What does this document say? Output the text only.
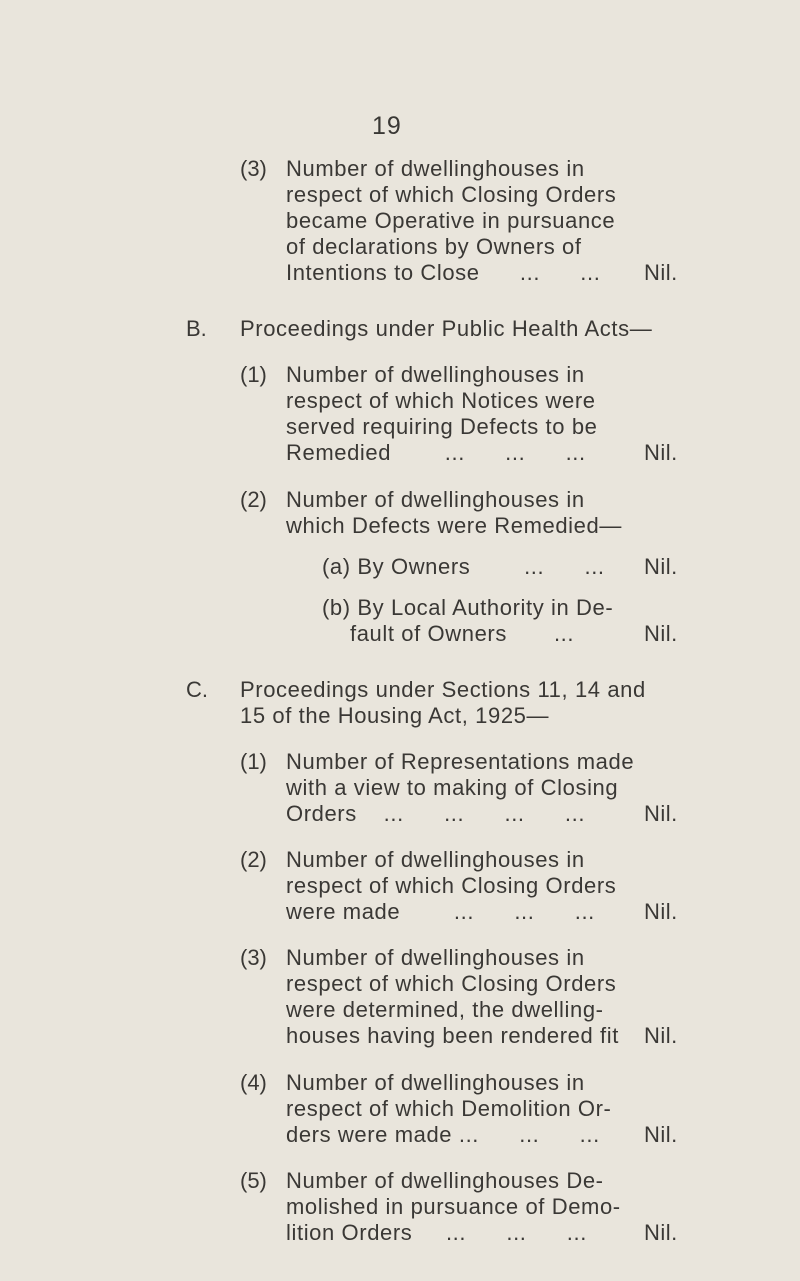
19
(3) Number of dwellinghouses in
respect of which Closing Orders
became Operative in pursuance
of declarations by Owners of
Intentions to Close      ...      ... Nil.
B. Proceedings under Public Health Acts—
(1) Number of dwellinghouses in
respect of which Notices were
served requiring Defects to be
Remedied        ...      ...      ...	Nil.
(2) Number of dwellinghouses in
which Defects were Remedied—
(a) By Owners        ...      ... Nil.
(b) By Local Authority in De-
fault of Owners       ...	Nil.
C. Proceedings under Sections 11, 14 and
15 of the Housing Act, 1925—
(1) Number of Representations made
with a view to making of Closing
Orders    ...      ...      ...      ...	Nil.
(2) Number of dwellinghouses in
respect of which Closing Orders
were made        ...      ...      ... Nil.
(3) Number of dwellinghouses in
respect of which Closing Orders
were determined, the dwelling-
houses having been rendered fit Nil.
(4) Number of dwellinghouses in
respect of which Demolition Or-
ders were made ...      ...      ... Nil.
(5) Number of dwellinghouses De-
molished in pursuance of Demo-
lition Orders     ...      ...      ...	Nil.
